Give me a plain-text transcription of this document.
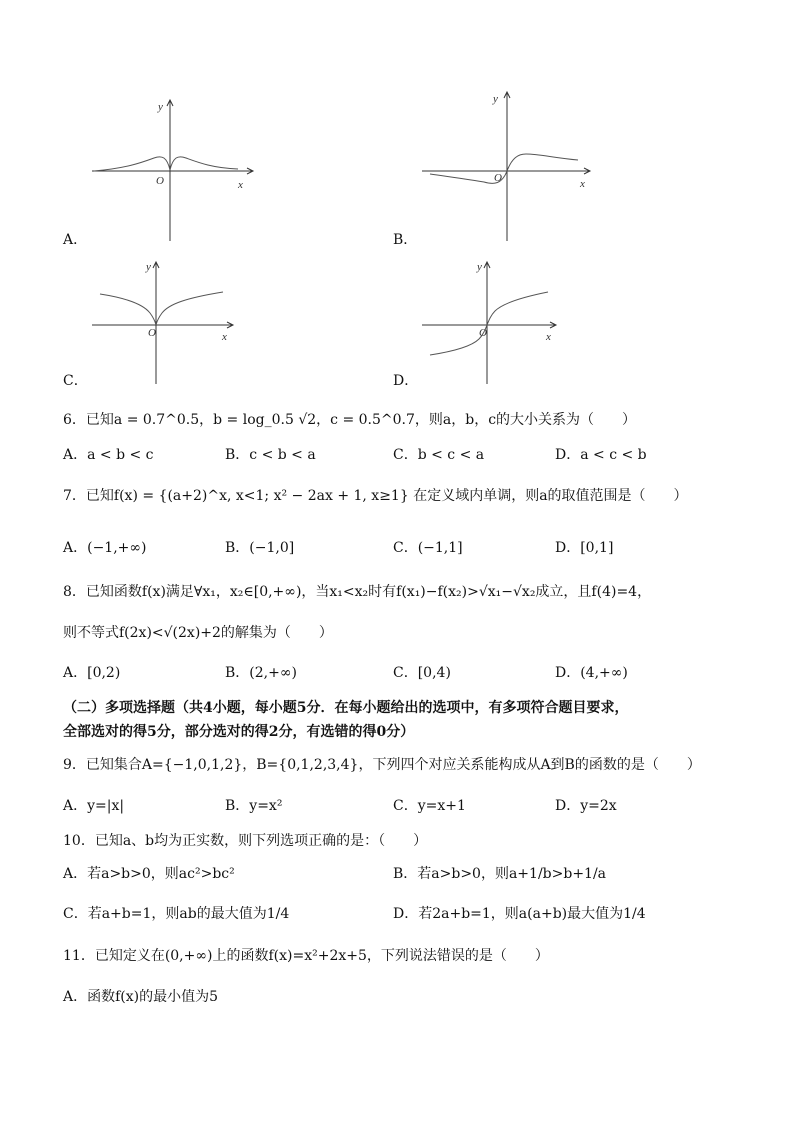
O	x
y
A．
O	x
y
B．
O	x
y
C．
O	x
y
D．
6．已知a = 0.7^0.5，b = log_0.5 √2，c = 0.5^0.7，则a，b，c的大小关系为（　　）
A．a < b < c	B．c < b < a	C．b < c < a	D．a < c < b
7．已知f(x) = {(a+2)^x, x<1; x² − 2ax + 1, x≥1} 在定义域内单调，则a的取值范围是（　　）
A．(−1,+∞)	B．(−1,0]	C．(−1,1]	D．[0,1]
8．已知函数f(x)满足∀x₁，x₂∈[0,+∞)，当x₁<x₂时有f(x₁)−f(x₂)>√x₁−√x₂成立，且f(4)=4，
则不等式f(2x)<√(2x)+2的解集为（　　）
A．[0,2)	B．(2,+∞)	C．[0,4)	D．(4,+∞)
（二）多项选择题（共4小题，每小题5分．在每小题给出的选项中，有多项符合题目要求，
全部选对的得5分，部分选对的得2分，有选错的得0分）
9．已知集合A={−1,0,1,2}，B={0,1,2,3,4}，下列四个对应关系能构成从A到B的函数的是（　　）
A．y=|x|	B．y=x²	C．y=x+1	D．y=2x
10．已知a、b均为正实数，则下列选项正确的是：（　　）
A．若a>b>0，则ac²>bc²	B．若a>b>0，则a+1/b>b+1/a
C．若a+b=1，则ab的最大值为1/4	D．若2a+b=1，则a(a+b)最大值为1/4
11．已知定义在(0,+∞)上的函数f(x)=x²+2x+5，下列说法错误的是（　　）
A．函数f(x)的最小值为5
